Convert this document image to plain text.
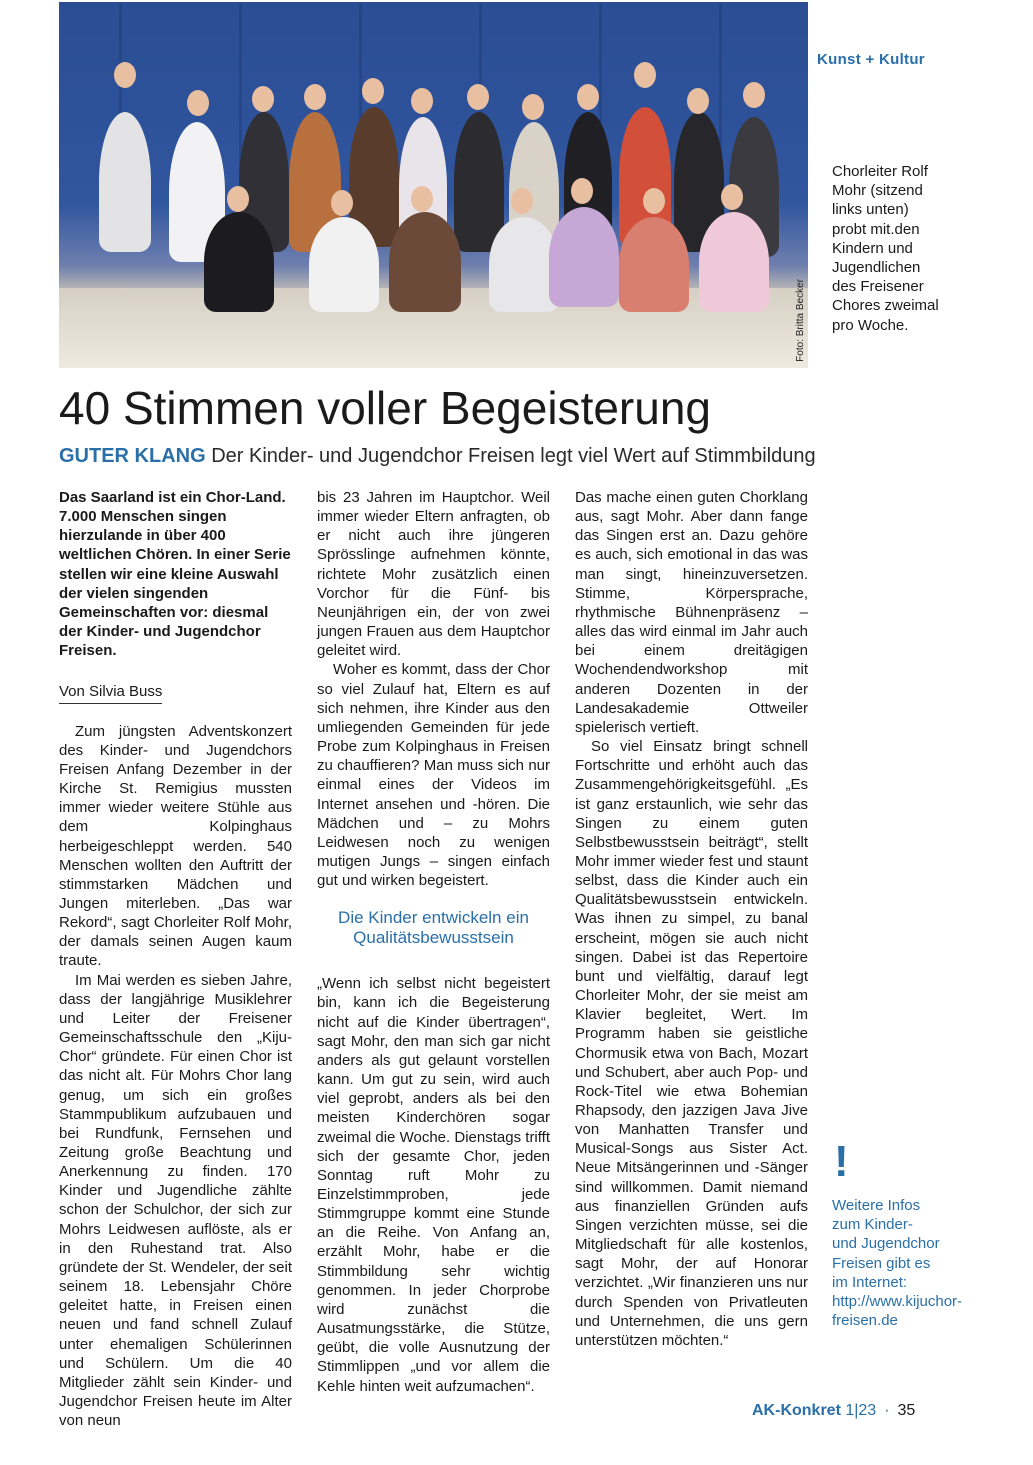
Foto: Britta Becker
Kunst + Kultur
Chorleiter Rolf Mohr (sitzend links unten) probt mit.den Kindern und Jugendlichen des Freisener Chores zweimal pro Woche.
40 Stimmen voller Begeisterung
GUTER KLANG Der Kinder- und Jugendchor Freisen legt viel Wert auf Stimmbildung

Das Saarland ist ein Chor-Land. 7.000 Menschen singen hierzulande in über 400 weltlichen Chören. In einer Serie stellen wir eine kleine Auswahl der vielen singenden Gemeinschaften vor: diesmal der Kinder- und Jugendchor Freisen.

Von Silvia Buss

Zum jüngsten Adventskonzert des Kinder- und Jugendchors Freisen Anfang Dezember in der Kirche St. Remigius mussten immer wieder weitere Stühle aus dem Kolpinghaus herbeigeschleppt werden. 540 Menschen wollten den Auftritt der stimmstarken Mädchen und Jungen miterleben. „Das war Rekord“, sagt Chorleiter Rolf Mohr, der damals seinen Augen kaum traute.

Im Mai werden es sieben Jahre, dass der langjährige Musiklehrer und Leiter der Freisener Gemeinschaftsschule den „Kiju-Chor“ gründete. Für einen Chor ist das nicht alt. Für Mohrs Chor lang genug, um sich ein großes Stammpublikum aufzubauen und bei Rundfunk, Fernsehen und Zeitung große Beachtung und Anerkennung zu finden. 170 Kinder und Jugendliche zählte schon der Schulchor, der sich zur Mohrs Leidwesen auflöste, als er in den Ruhestand trat. Also gründete der St. Wendeler, der seit seinem 18. Lebensjahr Chöre geleitet hatte, in Freisen einen neuen und fand schnell Zulauf unter ehemaligen Schülerinnen und Schülern. Um die 40 Mitglieder zählt sein Kinder- und Jugendchor Freisen heute im Alter von neun

bis 23 Jahren im Hauptchor. Weil immer wieder Eltern anfragten, ob er nicht auch ihre jüngeren Sprösslinge aufnehmen könnte, richtete Mohr zusätzlich einen Vorchor für die Fünf- bis Neunjährigen ein, der von zwei jungen Frauen aus dem Hauptchor geleitet wird.

Woher es kommt, dass der Chor so viel Zulauf hat, Eltern es auf sich nehmen, ihre Kinder aus den umliegenden Gemeinden für jede Probe zum Kolpinghaus in Freisen zu chauffieren? Man muss sich nur einmal eines der Videos im Internet ansehen und -hören. Die Mädchen und – zu Mohrs Leidwesen noch zu wenigen mutigen Jungs – singen einfach gut und wirken begeistert.

Die Kinder entwickeln ein Qualitätsbewusstsein

„Wenn ich selbst nicht begeistert bin, kann ich die Begeisterung nicht auf die Kinder übertragen“, sagt Mohr, den man sich gar nicht anders als gut gelaunt vorstellen kann. Um gut zu sein, wird auch viel geprobt, anders als bei den meisten Kinderchören sogar zweimal die Woche. Dienstags trifft sich der gesamte Chor, jeden Sonntag ruft Mohr zu Einzelstimmproben, jede Stimmgruppe kommt eine Stunde an die Reihe. Von Anfang an, erzählt Mohr, habe er die Stimmbildung sehr wichtig genommen. In jeder Chorprobe wird zunächst die Ausatmungsstärke, die Stütze, geübt, die volle Ausnutzung der Stimmlippen „und vor allem die Kehle hinten weit aufzumachen“.

Das mache einen guten Chorklang aus, sagt Mohr. Aber dann fange das Singen erst an. Dazu gehöre es auch, sich emotional in das was man singt, hineinzuversetzen. Stimme, Körpersprache, rhythmische Bühnenpräsenz – alles das wird einmal im Jahr auch bei einem dreitägigen Wochendendworkshop mit anderen Dozenten in der Landesakademie Ottweiler spielerisch vertieft.

So viel Einsatz bringt schnell Fortschritte und erhöht auch das Zusammengehörigkeitsgefühl. „Es ist ganz erstaunlich, wie sehr das Singen zu einem guten Selbstbewusstsein beiträgt“, stellt Mohr immer wieder fest und staunt selbst, dass die Kinder auch ein Qualitätsbewusstsein entwickeln. Was ihnen zu simpel, zu banal erscheint, mögen sie auch nicht singen. Dabei ist das Repertoire bunt und vielfältig, darauf legt Chorleiter Mohr, der sie meist am Klavier begleitet, Wert. Im Programm haben sie geistliche Chormusik etwa von Bach, Mozart und Schubert, aber auch Pop- und Rock-Titel wie etwa Bohemian Rhapsody, den jazzigen Java Jive von Manhatten Transfer und Musical-Songs aus Sister Act. Neue Mitsängerinnen und -Sänger sind willkommen. Damit niemand aus finanziellen Gründen aufs Singen verzichten müsse, sei die Mitgliedschaft für alle kostenlos, sagt Mohr, der auf Honorar verzichtet. „Wir finanzieren uns nur durch Spenden von Privatleuten und Unternehmen, die uns gern unterstützen möchten.“

!
Weitere Infos zum Kinder- und Jugendchor Freisen gibt es im Internet: http://www.kijuchor-freisen.de
AK-Konkret 1|23 · 35
